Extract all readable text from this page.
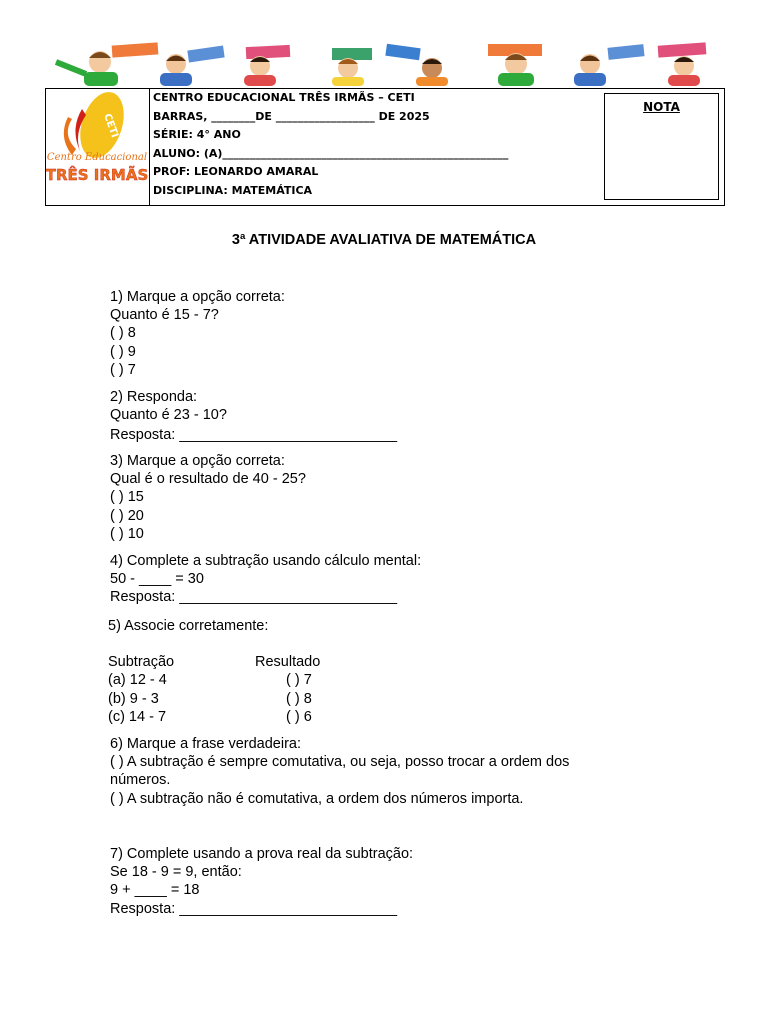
CETI
Centro Educacional
TRÊS IRMÃS
CENTRO EDUCACIONAL TRÊS IRMÃS – CETI
BARRAS, ________DE __________________ DE 2025
SÉRIE: 4° ANO
ALUNO: (A)____________________________________________________
PROF: LEONARDO AMARAL
DISCIPLINA: MATEMÁTICA
NOTA
3ª ATIVIDADE AVALIATIVA DE MATEMÁTICA
1) Marque a opção correta:
Quanto é 15 - 7?
( ) 8
( ) 9
( ) 7
2) Responda:
Quanto é 23 - 10?
Resposta: ___________________________
3) Marque a opção correta:
Qual é o resultado de 40 - 25?
( ) 15
( ) 20
( ) 10
4) Complete a subtração usando cálculo mental:
50 - ____ = 30
Resposta: ___________________________
5) Associe corretamente:
Subtração
(a) 12 - 4
(b) 9 - 3
(c) 14 - 7
Resultado
( ) 7
( ) 8
( ) 6
6) Marque a frase verdadeira:
( ) A subtração é sempre comutativa, ou seja, posso trocar a ordem dos números.
( ) A subtração não é comutativa, a ordem dos números importa.
7) Complete usando a prova real da subtração:
Se 18 - 9 = 9, então:
9 + ____ = 18
Resposta: ___________________________
